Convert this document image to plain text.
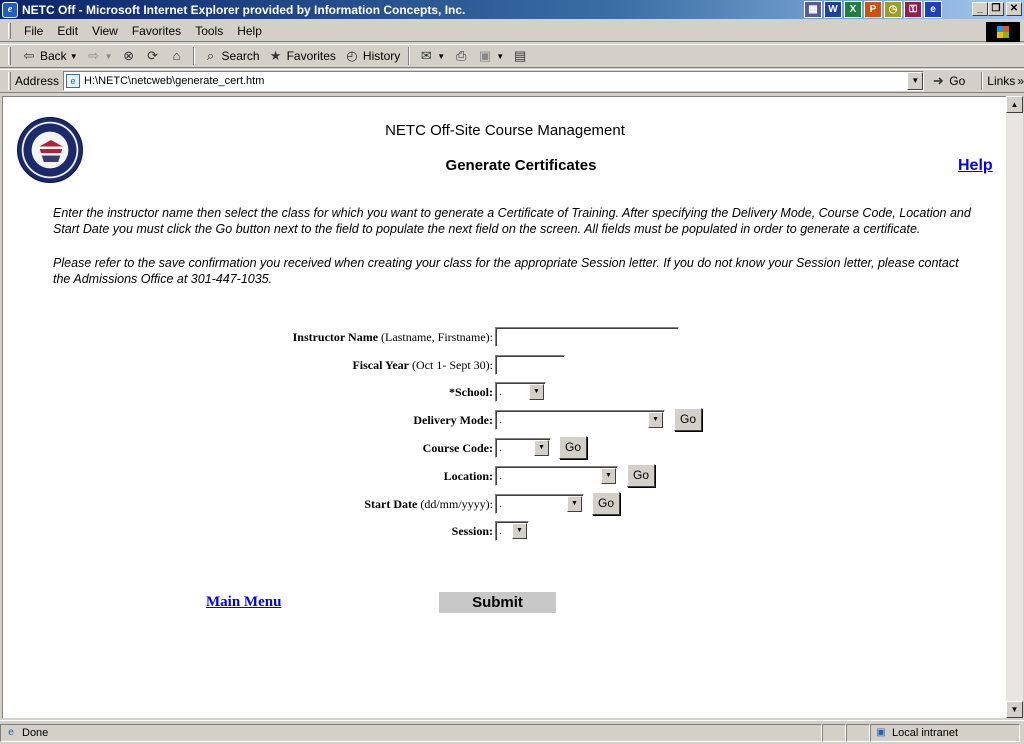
e NETC Off - Microsoft Internet Explorer provided by Information Concepts, Inc.	▦	W	X	P	◷	⚿	e	_ ❐ ✕
File	Edit	View	Favorites	Tools	Help
⇦ Back ▼ ⇨ ▼ ⊗ ⟳	⌂	⌕ Search ★ Favorites ◴ History ✉ ▼ ⎙ ▣ ▼ ▤
Address	e H:\NETC\netcweb\generate_cert.htm	▼	➜ Go Links »
NETC Off-Site Course Management
Generate Certificates	Help

Enter the instructor name then select the class for which you want to generate a Certificate of Training. After specifying the Delivery Mode, Course Code, Location and Start Date you must click the Go button next to the field to populate the next field on the screen. All fields must be populated in order to generate a certificate.

Please refer to the save confirmation you received when creating your class for the appropriate Session letter. If you do not know your Session letter, please contact the Admissions Office at 301-447-1035.

Instructor Name (Lastname, Firstname):
Fiscal Year (Oct 1- Sept 30):
*School: .	▼
Delivery Mode: .	▼	Go
Course Code: .	▼	Go
Location: .	▼	Go
Start Date (dd/mm/yyyy): .	▼	Go
Session: .	▼
Main Menu	Submit
▲
▼
e Done	▣ Local intranet
